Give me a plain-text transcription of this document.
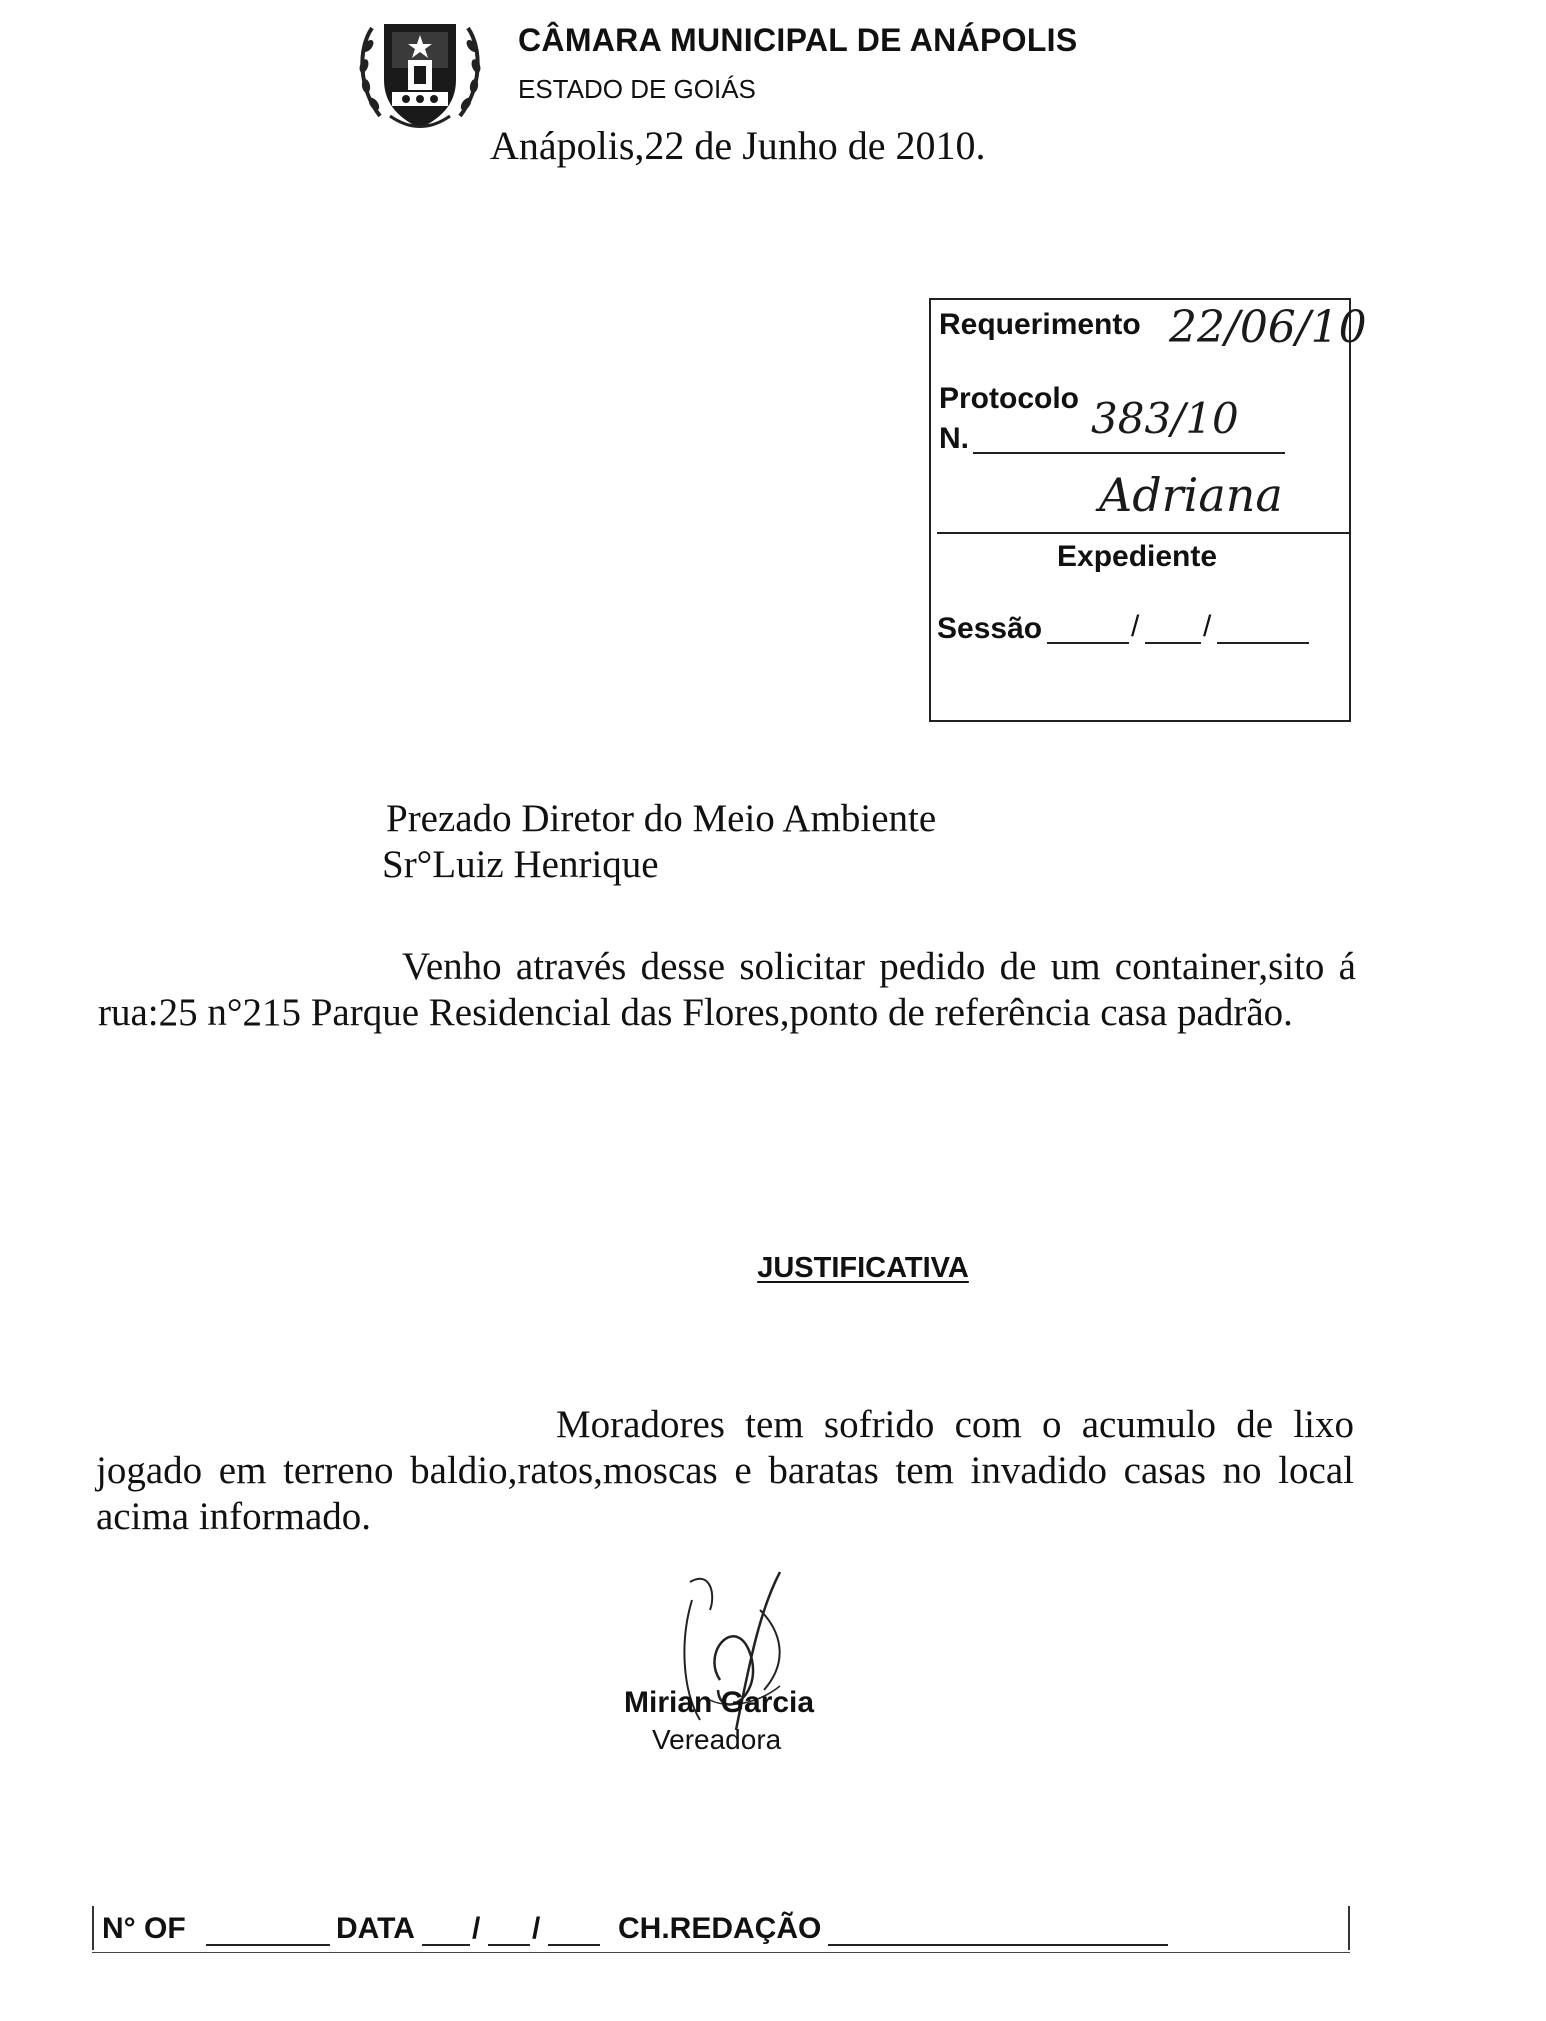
CÂMARA MUNICIPAL DE ANÁPOLIS
ESTADO DE GOIÁS
Anápolis,22 de Junho de 2010.
Requerimento 22/06/10
Protocolo
N.	383/10
Adriana
Expediente
Sessão	/ /
Prezado Diretor do Meio Ambiente
Sr°Luiz Henrique
Venho através desse solicitar pedido de um container,sito á rua:25 n°215 Parque Residencial das Flores,ponto de referência casa padrão.
JUSTIFICATIVA
Moradores tem sofrido com o acumulo de lixo jogado em terreno baldio,ratos,moscas e baratas tem invadido casas no local acima informado.
Mirian Garcia
Vereadora
N° OF	DATA / /	CH.REDAÇÃO
